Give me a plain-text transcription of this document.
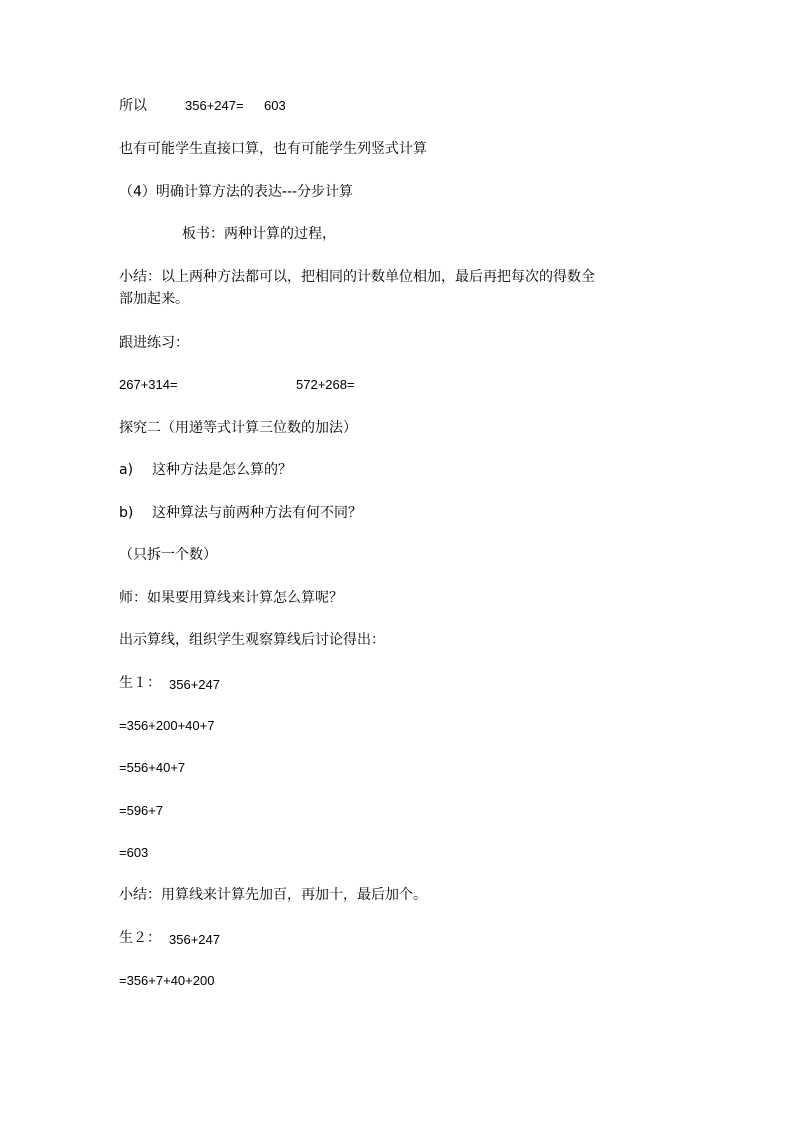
所以	356+247= 603
也有可能学生直接口算，也有可能学生列竖式计算
（4）明确计算方法的表达---分步计算
板书：两种计算的过程，
小结：以上两种方法都可以，把相同的计数单位相加，最后再把每次的得数全
部加起来。
跟进练习：
267+314=	572+268=
探究二（用递等式计算三位数的加法）
a) 这种方法是怎么算的？
b) 这种算法与前两种方法有何不同？
（只拆一个数）
师：如果要用算线来计算怎么算呢？
出示算线，组织学生观察算线后讨论得出：
生１： 356+247
=356+200+40+7
=556+40+7
=596+7
=603
小结：用算线来计算先加百，再加十，最后加个。
生２： 356+247
=356+7+40+200
